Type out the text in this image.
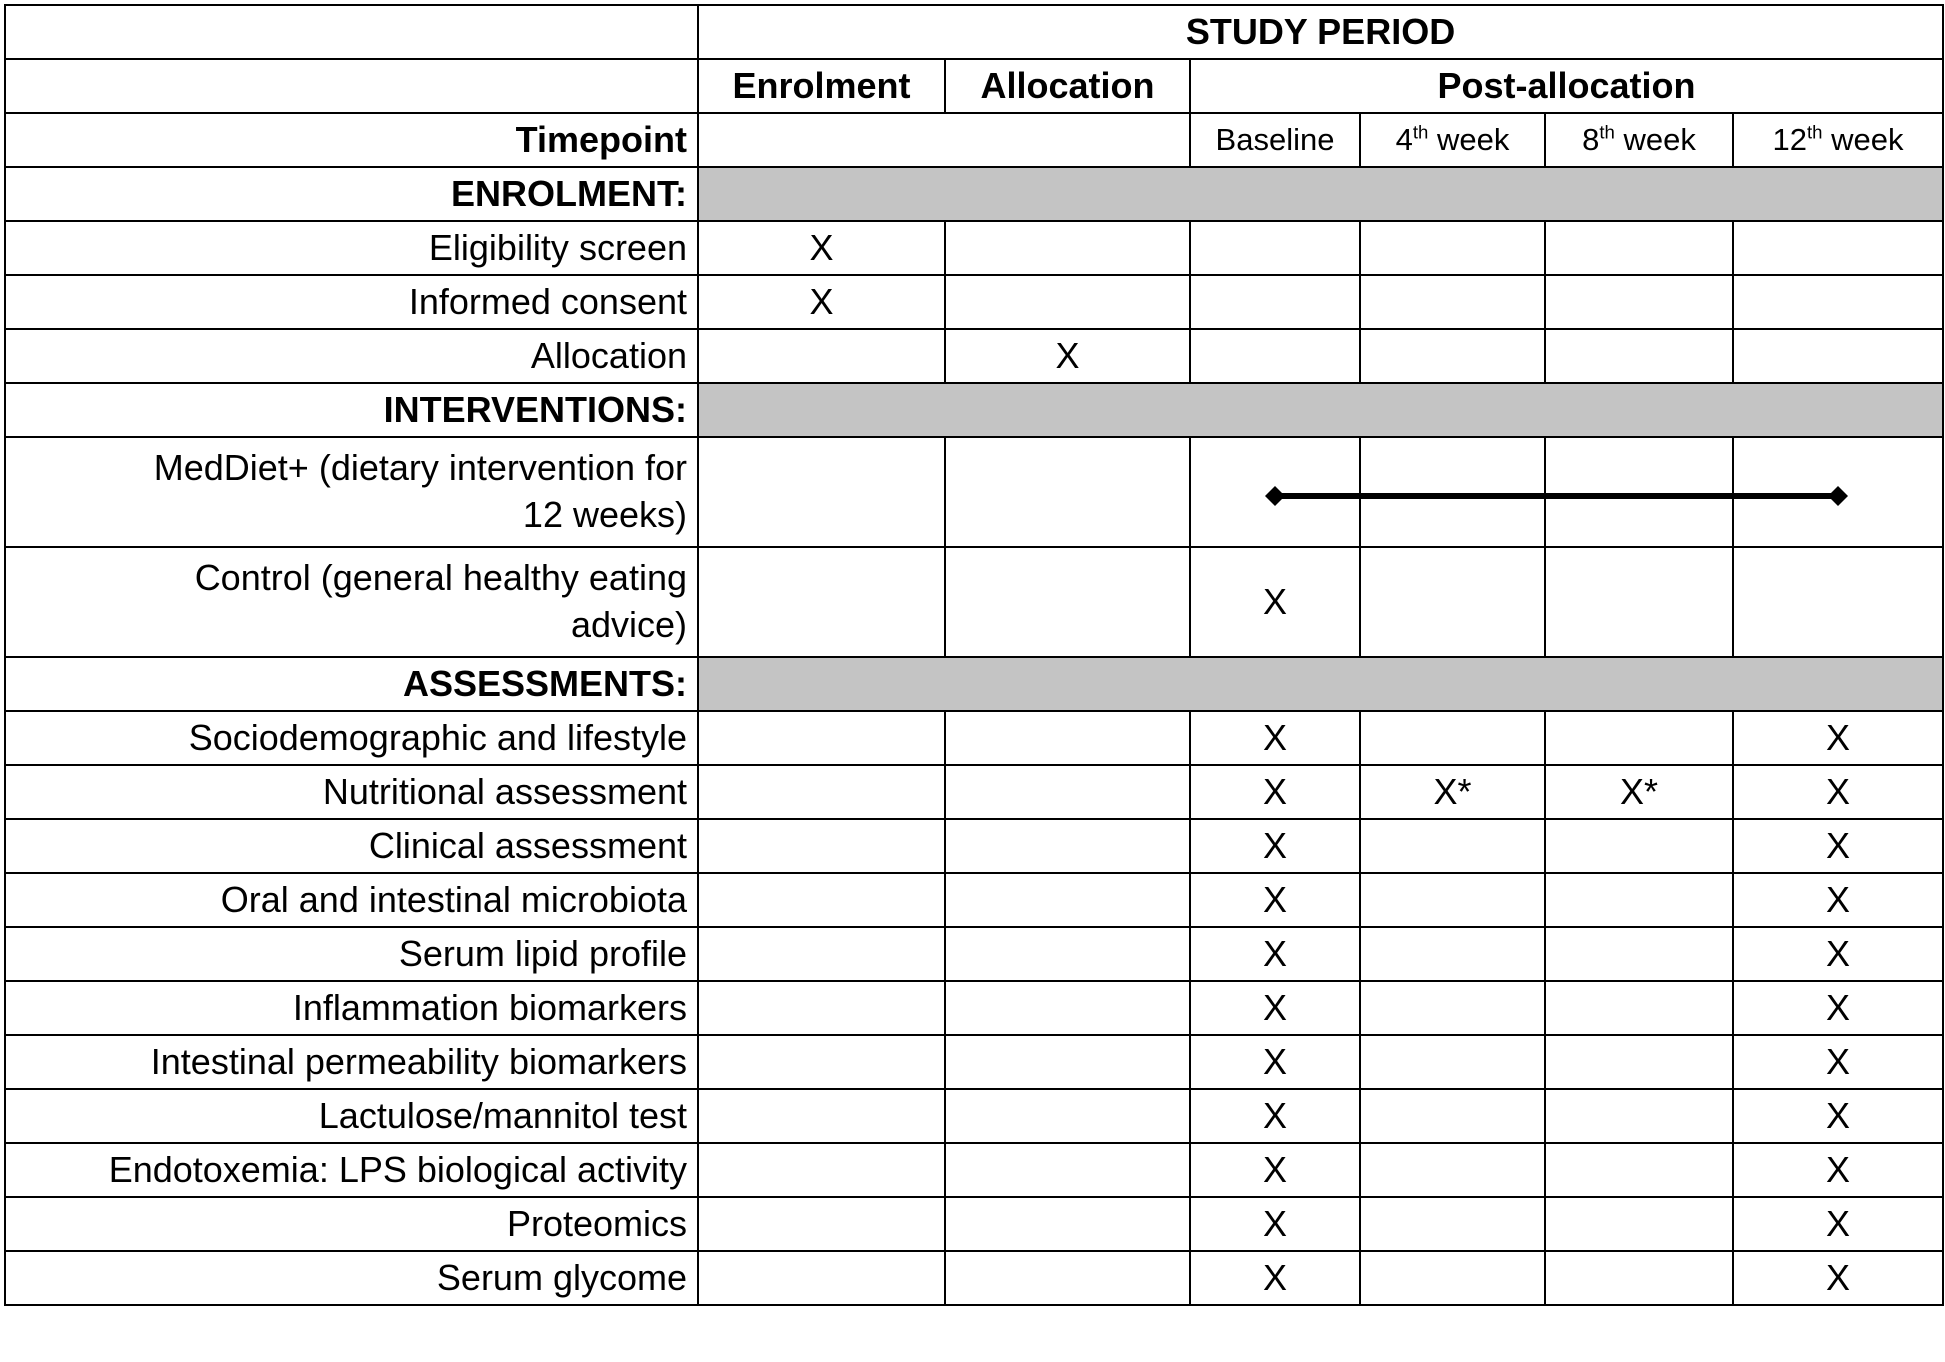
	STUDY PERIOD					
	Enrolment	Allocation	Post-allocation			
Timepoint			Baseline	4th week	8th week	12th week
ENROLMENT:						
Eligibility screen	X					
Informed consent	X					
Allocation		X				
INTERVENTIONS:						
MedDiet+ (dietary intervention for
12 weeks)						
Control (general healthy eating
advice)			X			
ASSESSMENTS:						
Sociodemographic and lifestyle			X			X
Nutritional assessment			X	X*	X*	X
Clinical assessment			X			X
Oral and intestinal microbiota			X			X
Serum lipid profile			X			X
Inflammation biomarkers			X			X
Intestinal permeability biomarkers			X			X
Lactulose/mannitol test			X			X
Endotoxemia: LPS biological activity			X			X
Proteomics			X			X
Serum glycome			X			X
